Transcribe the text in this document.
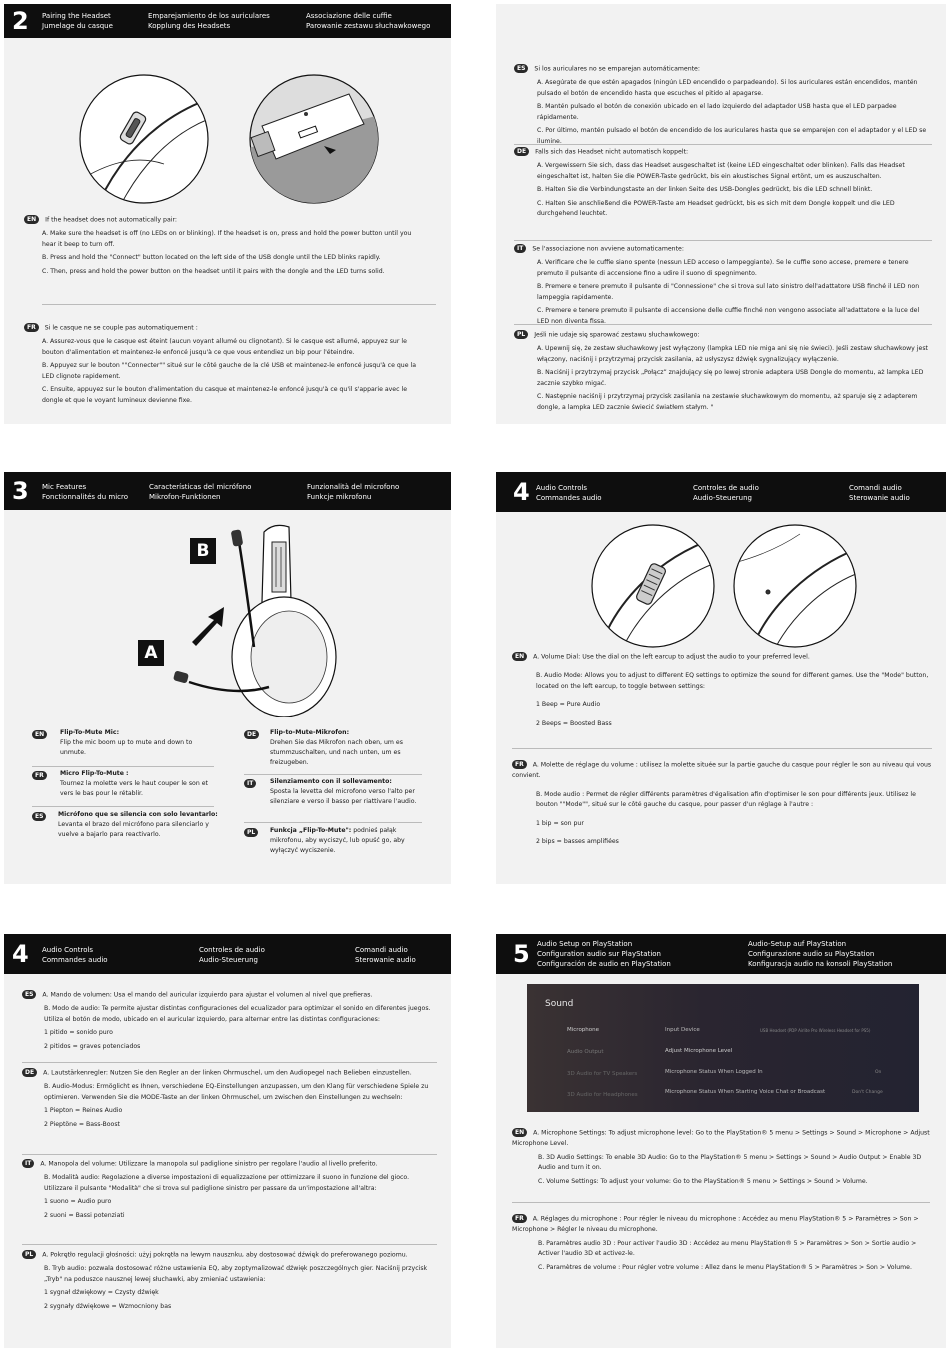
2 Pairing the Headset
Jumelage du casque
Emparejamiento de los auriculares
Kopplung des Headsets
Associazione delle cuffie
Parowanie zestawu słuchawkowego

EN If the headset does not automatically pair:

A. Make sure the headset is off (no LEDs on or blinking). If the headset is on, press and hold the power button until you hear it beep to turn off.

B. Press and hold the "Connect" button located on the left side of the USB dongle until the LED blinks rapidly.

C. Then, press and hold the power button on the headset until it pairs with the dongle and the LED turns solid.

FR Si le casque ne se couple pas automatiquement :

A. Assurez-vous que le casque est éteint (aucun voyant allumé ou clignotant). Si le casque est allumé, appuyez sur le bouton d'alimentation et maintenez-le enfoncé jusqu'à ce que vous entendiez un bip pour l'éteindre.

B. Appuyez sur le bouton ""Connecter"" situé sur le côté gauche de la clé USB et maintenez-le enfoncé jusqu'à ce que la LED clignote rapidement.

C. Ensuite, appuyez sur le bouton d'alimentation du casque et maintenez-le enfoncé jusqu'à ce qu'il s'apparie avec le dongle et que le voyant lumineux devienne fixe.

ES Si los auriculares no se emparejan automáticamente:

A. Asegúrate de que estén apagados (ningún LED encendido o parpadeando). Si los auriculares están encendidos, mantén pulsado el botón de encendido hasta que escuches el pitido al apagarse.

B. Mantén pulsado el botón de conexión ubicado en el lado izquierdo del adaptador USB hasta que el LED parpadee rápidamente.

C. Por último, mantén pulsado el botón de encendido de los auriculares hasta que se emparejen con el adaptador y el LED se ilumine.

DE Falls sich das Headset nicht automatisch koppelt:

A. Vergewissern Sie sich, dass das Headset ausgeschaltet ist (keine LED eingeschaltet oder blinken). Falls das Headset eingeschaltet ist, halten Sie die POWER-Taste gedrückt, bis ein akustisches Signal ertönt, um es auszuschalten.

B. Halten Sie die Verbindungstaste an der linken Seite des USB-Dongles gedrückt, bis die LED schnell blinkt.

C. Halten Sie anschließend die POWER-Taste am Headset gedrückt, bis es sich mit dem Dongle koppelt und die LED durchgehend leuchtet.

IT Se l'associazione non avviene automaticamente:

A. Verificare che le cuffie siano spente (nessun LED acceso o lampeggiante). Se le cuffie sono accese, premere e tenere premuto il pulsante di accensione fino a udire il suono di spegnimento.

B. Premere e tenere premuto il pulsante di "Connessione" che si trova sul lato sinistro dell'adattatore USB finché il LED non lampeggia rapidamente.

C. Premere e tenere premuto il pulsante di accensione delle cuffie finché non vengono associate all'adattatore e la luce del LED non diventa fissa.

PL Jeśli nie udaje się sparować zestawu słuchawkowego:

A. Upewnij się, że zestaw słuchawkowy jest wyłączony (lampka LED nie miga ani się nie świeci). Jeśli zestaw słuchawkowy jest włączony, naciśnij i przytrzymaj przycisk zasilania, aż usłyszysz dźwięk sygnalizujący wyłączenie.

B. Naciśnij i przytrzymaj przycisk „Połącz” znajdujący się po lewej stronie adaptera USB Dongle do momentu, aż lampka LED zacznie szybko migać.

C. Następnie naciśnij i przytrzymaj przycisk zasilania na zestawie słuchawkowym do momentu, aż sparuje się z adapterem dongle, a lampka LED zacznie świecić światłem stałym. "

3 Mic Features
Fonctionnalités du micro
Características del micrófono
Mikrofon-Funktionen
Funzionalità del microfono
Funkcje mikrofonu
B
A
EN	Flip-To-Mute Mic:
Flip the mic boom up to mute and down to unmute.
FR	Micro Flip-To-Mute :
Tournez la molette vers le haut couper le son et vers le bas pour le rétablir.
ES	Micrófono que se silencia con solo levantarlo:
Levanta el brazo del micrófono para silenciarlo y vuelve a bajarlo para reactivarlo.
DE	Flip-to-Mute-Mikrofon:
Drehen Sie das Mikrofon nach oben, um es stummzuschalten, und nach unten, um es freizugeben.
IT	Silenziamento con il sollevamento:
Sposta la levetta del microfono verso l'alto per silenziare e verso il basso per riattivare l'audio.
PL	Funkcja „Flip-To-Mute": podnieś pałąk mikrofonu, aby wyciszyć, lub opuść go, aby wyłączyć wyciszenie.
4 Audio Controls
Commandes audio
Controles de audio
Audio-Steuerung
Comandi audio
Sterowanie audio

EN A. Volume Dial: Use the dial on the left earcup to adjust the audio to your preferred level.

B. Audio Mode: Allows you to adjust to different EQ settings to optimize the sound for different games. Use the "Mode" button, located on the left earcup, to toggle between settings:

1 Beep = Pure Audio

2 Beeps = Boosted Bass

FR A. Molette de réglage du volume : utilisez la molette située sur la partie gauche du casque pour régler le son au niveau qui vous convient.

B. Mode audio : Permet de régler différents paramètres d'égalisation afin d'optimiser le son pour différents jeux. Utilisez le bouton ""Mode"", situé sur le côté gauche du casque, pour passer d'un réglage à l'autre :

1 bip = son pur

2 bips = basses amplifiées

4 Audio Controls
Commandes audio
Controles de audio
Audio-Steuerung
Comandi audio
Sterowanie audio

ES A. Mando de volumen: Usa el mando del auricular izquierdo para ajustar el volumen al nivel que prefieras.

B. Modo de audio: Te permite ajustar distintas configuraciones del ecualizador para optimizar el sonido en diferentes juegos. Utiliza el botón de modo, ubicado en el auricular izquierdo, para alternar entre las distintas configuraciones:

1 pitido = sonido puro

2 pitidos = graves potenciados

DE A. Lautstärkenregler: Nutzen Sie den Regler an der linken Ohrmuschel, um den Audiopegel nach Belieben einzustellen.

B. Audio-Modus: Ermöglicht es Ihnen, verschiedene EQ-Einstellungen anzupassen, um den Klang für verschiedene Spiele zu optimieren. Verwenden Sie die MODE-Taste an der linken Ohrmuschel, um zwischen den Einstellungen zu wechseln:

1 Piepton = Reines Audio

2 Pieptöne = Bass-Boost

IT A. Manopola del volume: Utilizzare la manopola sul padiglione sinistro per regolare l'audio al livello preferito.

B. Modalità audio: Regolazione a diverse impostazioni di equalizzazione per ottimizzare il suono in funzione del gioco. Utilizzare il pulsante "Modalità" che si trova sul padiglione sinistro per passare da un'impostazione all'altra:

1 suono = Audio puro

2 suoni = Bassi potenziati

PL A. Pokrętło regulacji głośności: użyj pokrętła na lewym nausznku, aby dostosować dźwięk do preferowanego poziomu.

B. Tryb audio: pozwala dostosować różne ustawienia EQ, aby zoptymalizować dźwięk poszczególnych gier. Naciśnij przycisk „Tryb" na poduszce nausznej lewej słuchawki, aby zmieniać ustawienia:

1 sygnał dźwiękowy = Czysty dźwięk

2 sygnały dźwiękowe = Wzmocniony bas

5 Audio Setup on PlayStation
Configuration audio sur PlayStation
Configuración de audio en PlayStation
Audio-Setup auf PlayStation
Configurazione audio su PlayStation
Konfiguracja audio na konsoli PlayStation
Sound
Microphone
Audio Output
3D Audio for TV Speakers
3D Audio for Headphones
Input Device	USB Headset (PDP Airlite Pro Wireless Headset for PS5)
Adjust Microphone Level
Microphone Status When Logged In	On
Microphone Status When Starting Voice Chat or Broadcast	Don't Change

EN A. Microphone Settings: To adjust microphone level: Go to the PlayStation® 5 menu > Settings > Sound > Microphone > Adjust Microphone Level.

B. 3D Audio Settings: To enable 3D Audio: Go to the PlayStation® 5 menu > Settings > Sound > Audio Output > Enable 3D Audio and turn it on.

C. Volume Settings: To adjust your volume: Go to the PlayStation® 5 menu > Settings > Sound > Volume.

FR A. Réglages du microphone : Pour régler le niveau du microphone : Accédez au menu PlayStation® 5 > Paramètres > Son > Microphone > Régler le niveau du microphone.

B. Paramètres audio 3D : Pour activer l'audio 3D : Accédez au menu PlayStation® 5 > Paramètres > Son > Sortie audio > Activer l'audio 3D et activez-le.

C. Paramètres de volume : Pour régler votre volume : Allez dans le menu PlayStation® 5 > Paramètres > Son > Volume.
